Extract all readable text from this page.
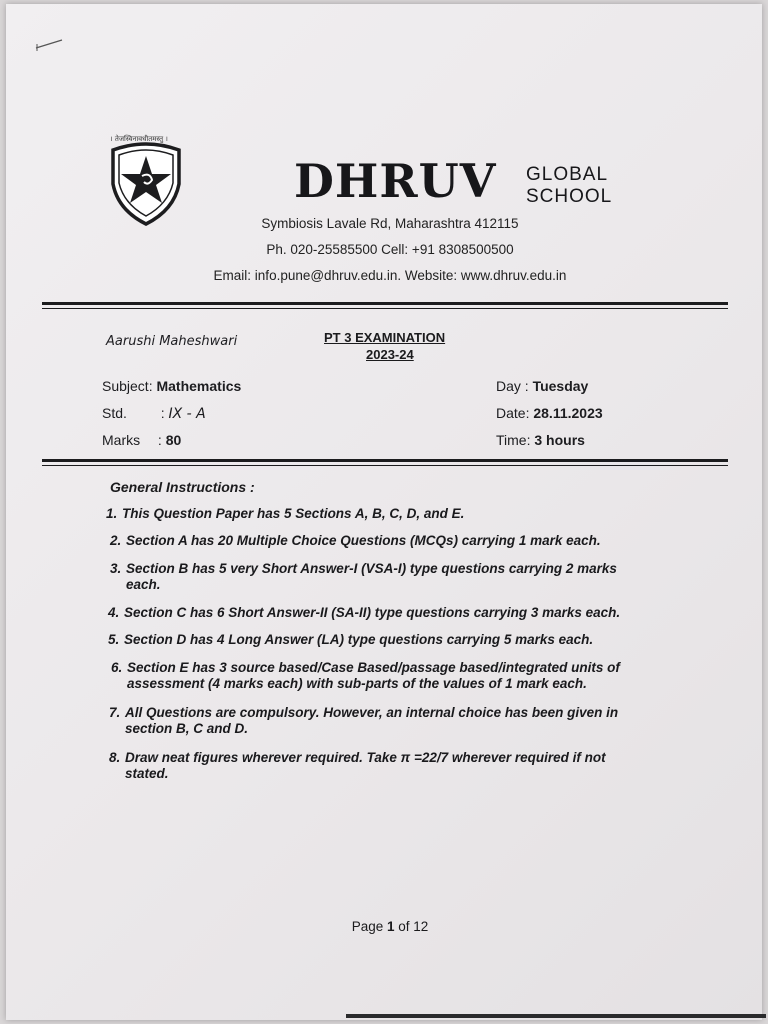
। तेजस्विनावधीतमस्तु ।
DHRUV GLOBAL
SCHOOL
Symbiosis Lavale Rd, Maharashtra 412115
Ph. 020-25585500 Cell: +91 8308500500
Email: info.pune@dhruv.edu.in. Website: www.dhruv.edu.in
Aarushi Maheshwari	PT 3 EXAMINATION
2023-24
Subject: Mathematics
Std. : IX - A
Marks : 80
Day : Tuesday
Date: 28.11.2023
Time: 3 hours
General Instructions :
1. This Question Paper has 5 Sections A, B, C, D, and E.
2. Section A has 20 Multiple Choice Questions (MCQs) carrying 1 mark each.
3. Section B has 5 very Short Answer-I (VSA-I) type questions carrying 2 marks
each.
4. Section C has 6 Short Answer-II (SA-II) type questions carrying 3 marks each.
5. Section D has 4 Long Answer (LA) type questions carrying 5 marks each.
6. Section E has 3 source based/Case Based/passage based/integrated units of
assessment (4 marks each) with sub-parts of the values of 1 mark each.
7. All Questions are compulsory. However, an internal choice has been given in
section B, C and D.
8. Draw neat figures wherever required. Take π =22/7 wherever required if not
stated.
Page 1 of 12
